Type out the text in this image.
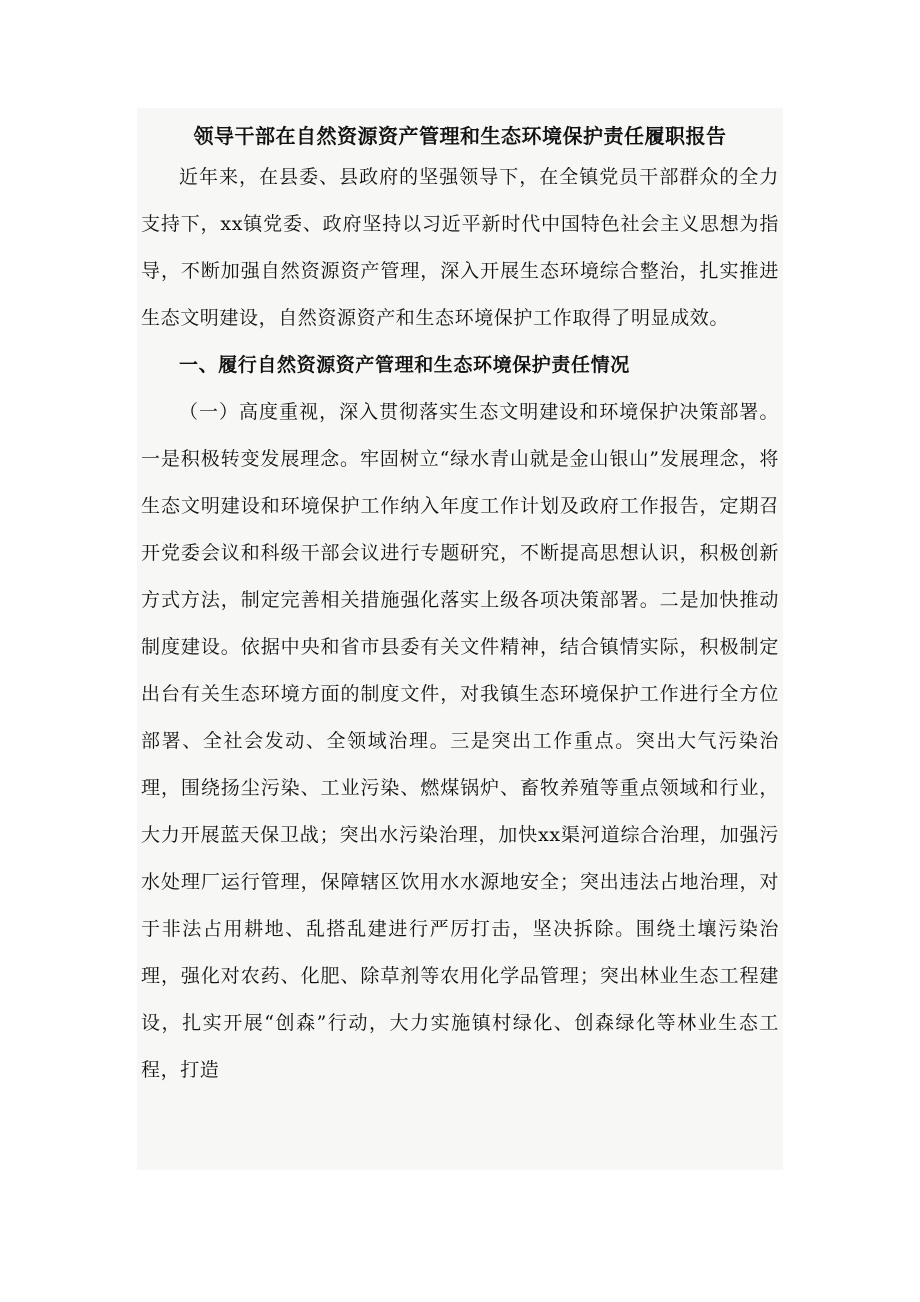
领导干部在自然资源资产管理和生态环境保护责任履职报告

近年来，在县委、县政府的坚强领导下，在全镇党员干部群众的全力支持下，xx镇党委、政府坚持以习近平新时代中国特色社会主义思想为指导，不断加强自然资源资产管理，深入开展生态环境综合整治，扎实推进生态文明建设，自然资源资产和生态环境保护工作取得了明显成效。

一、履行自然资源资产管理和生态环境保护责任情况

（一）高度重视，深入贯彻落实生态文明建设和环境保护决策部署。一是积极转变发展理念。牢固树立“绿水青山就是金山银山”发展理念，将生态文明建设和环境保护工作纳入年度工作计划及政府工作报告，定期召开党委会议和科级干部会议进行专题研究，不断提高思想认识，积极创新方式方法，制定完善相关措施强化落实上级各项决策部署。二是加快推动制度建设。依据中央和省市县委有关文件精神，结合镇情实际，积极制定出台有关生态环境方面的制度文件，对我镇生态环境保护工作进行全方位部署、全社会发动、全领域治理。三是突出工作重点。突出大气污染治理，围绕扬尘污染、工业污染、燃煤锅炉、畜牧养殖等重点领域和行业，大力开展蓝天保卫战；突出水污染治理，加快xx渠河道综合治理，加强污水处理厂运行管理，保障辖区饮用水水源地安全；突出违法占地治理，对于非法占用耕地、乱搭乱建进行严厉打击，坚决拆除。围绕土壤污染治理，强化对农药、化肥、除草剂等农用化学品管理；突出林业生态工程建设，扎实开展“创森”行动，大力实施镇村绿化、创森绿化等林业生态工程，打造
